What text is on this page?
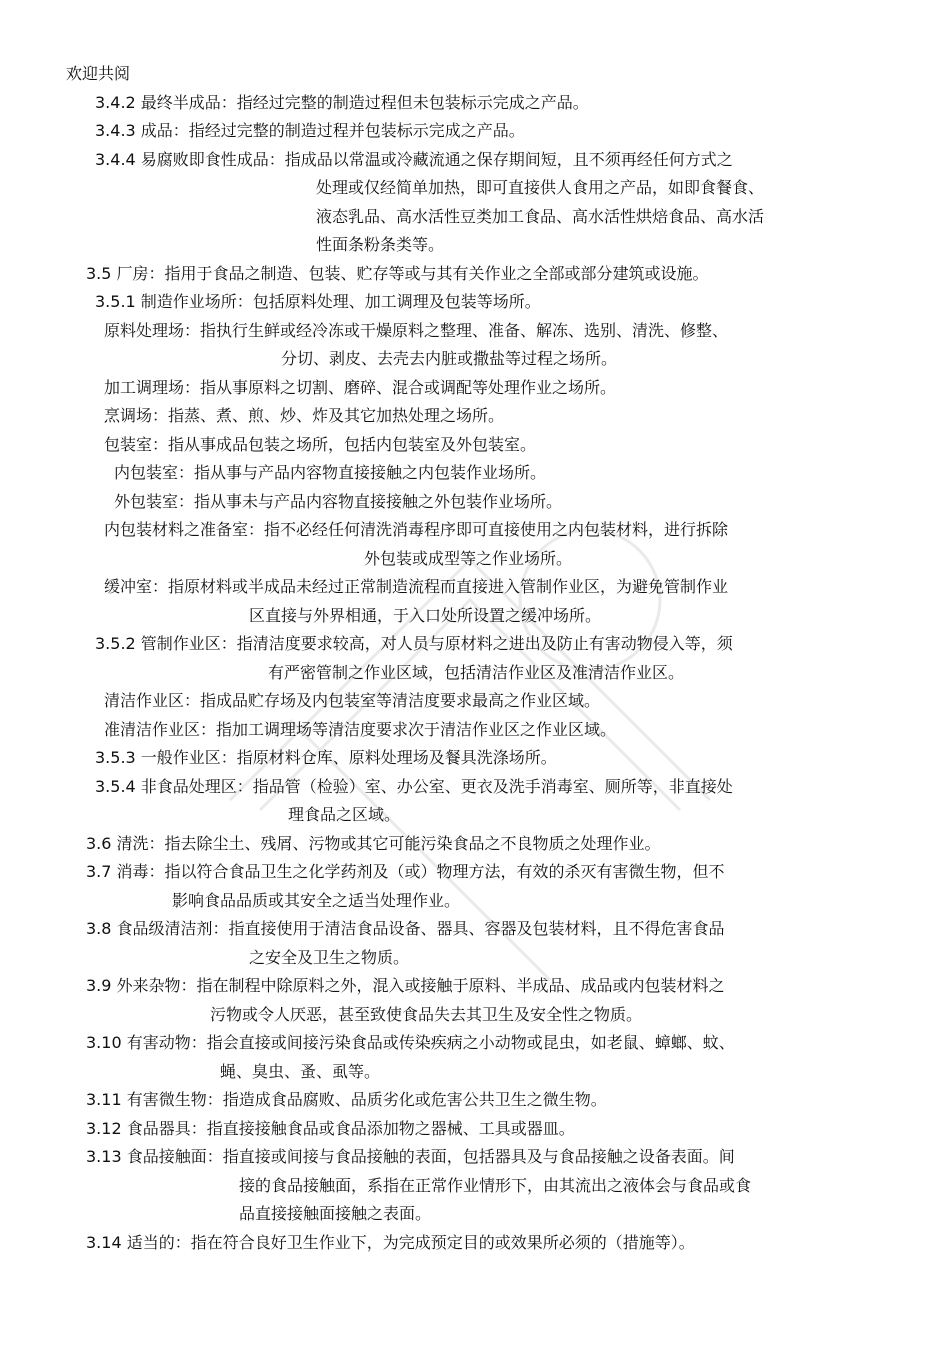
欢迎共阅
3.4.2 最终半成品：指经过完整的制造过程但未包装标示完成之产品。
3.4.3 成品：指经过完整的制造过程并包装标示完成之产品。
3.4.4 易腐败即食性成品：指成品以常温或冷藏流通之保存期间短，且不须再经任何方式之
处理或仅经简单加热，即可直接供人食用之产品，如即食餐食、
液态乳品、高水活性豆类加工食品、高水活性烘焙食品、高水活
性面条粉条类等。
3.5 厂房：指用于食品之制造、包装、贮存等或与其有关作业之全部或部分建筑或设施。
3.5.1 制造作业场所：包括原料处理、加工调理及包装等场所。
原料处理场：指执行生鲜或经冷冻或干燥原料之整理、准备、解冻、选别、清洗、修整、
分切、剥皮、去壳去内脏或撒盐等过程之场所。
加工调理场：指从事原料之切割、磨碎、混合或调配等处理作业之场所。
烹调场：指蒸、煮、煎、炒、炸及其它加热处理之场所。
包装室：指从事成品包装之场所，包括内包装室及外包装室。
内包装室：指从事与产品内容物直接接触之内包装作业场所。
外包装室：指从事未与产品内容物直接接触之外包装作业场所。
内包装材料之准备室：指不必经任何清洗消毒程序即可直接使用之内包装材料，进行拆除
外包装或成型等之作业场所。
缓冲室：指原材料或半成品未经过正常制造流程而直接进入管制作业区，为避免管制作业
区直接与外界相通，于入口处所设置之缓冲场所。
3.5.2 管制作业区：指清洁度要求较高，对人员与原材料之进出及防止有害动物侵入等，须
有严密管制之作业区域，包括清洁作业区及准清洁作业区。
清洁作业区：指成品贮存场及内包装室等清洁度要求最高之作业区域。
准清洁作业区：指加工调理场等清洁度要求次于清洁作业区之作业区域。
3.5.3 一般作业区：指原材料仓库、原料处理场及餐具洗涤场所。
3.5.4 非食品处理区：指品管（检验）室、办公室、更衣及洗手消毒室、厕所等，非直接处
理食品之区域。
3.6 清洗：指去除尘土、残屑、污物或其它可能污染食品之不良物质之处理作业。
3.7 消毒：指以符合食品卫生之化学药剂及（或）物理方法，有效的杀灭有害微生物，但不
影响食品品质或其安全之适当处理作业。
3.8 食品级清洁剂：指直接使用于清洁食品设备、器具、容器及包装材料，且不得危害食品
之安全及卫生之物质。
3.9 外来杂物：指在制程中除原料之外，混入或接触于原料、半成品、成品或内包装材料之
污物或令人厌恶，甚至致使食品失去其卫生及安全性之物质。
3.10 有害动物：指会直接或间接污染食品或传染疾病之小动物或昆虫，如老鼠、蟑螂、蚊、
蝇、臭虫、蚤、虱等。
3.11 有害微生物：指造成食品腐败、品质劣化或危害公共卫生之微生物。
3.12 食品器具：指直接接触食品或食品添加物之器械、工具或器皿。
3.13 食品接触面：指直接或间接与食品接触的表面，包括器具及与食品接触之设备表面。间
接的食品接触面，系指在正常作业情形下，由其流出之液体会与食品或食
品直接接触面接触之表面。
3.14 适当的：指在符合良好卫生作业下，为完成预定目的或效果所必须的（措施等）。
